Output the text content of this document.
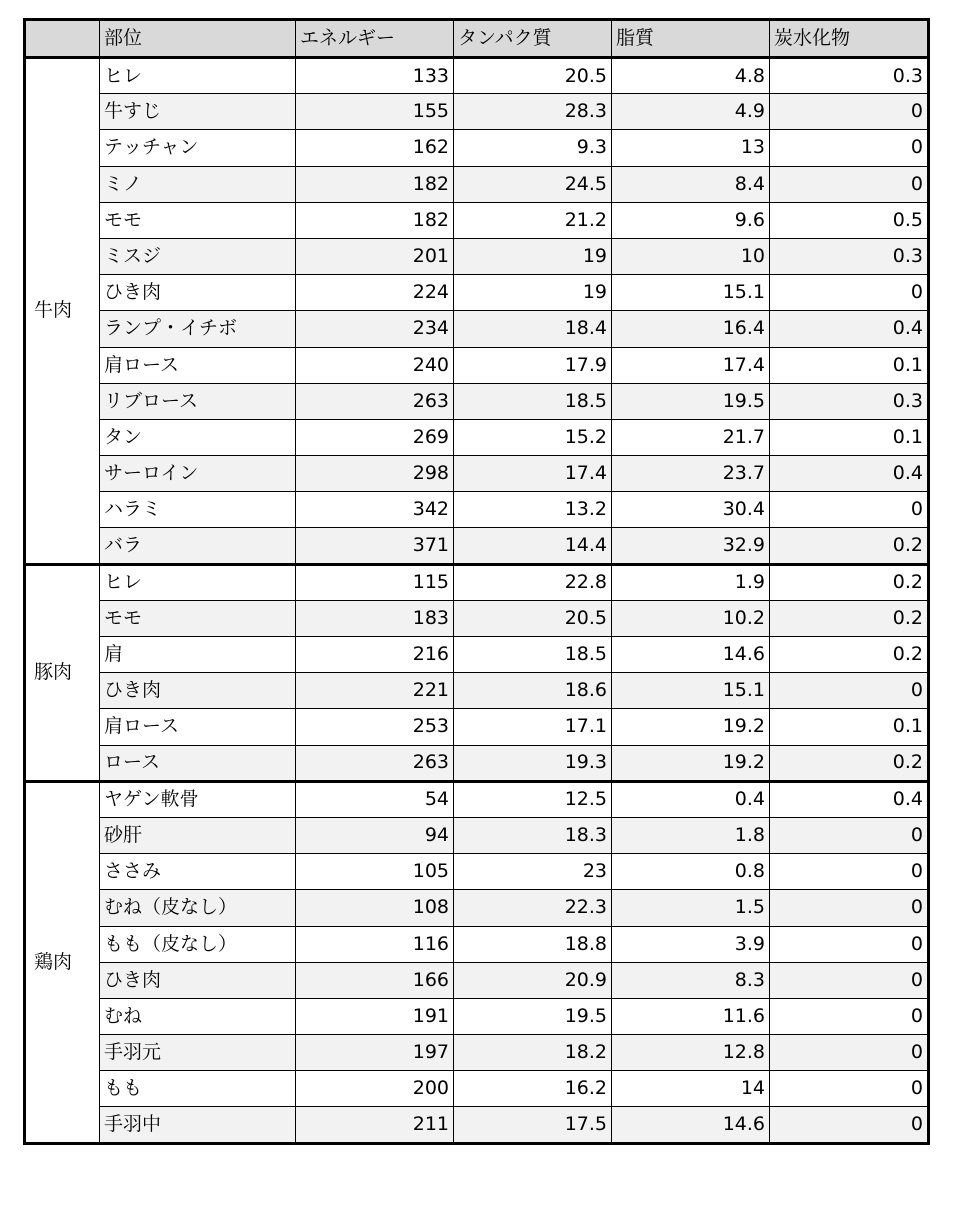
	部位	エネルギー	タンパク質	脂質	炭水化物
牛肉	ヒレ	133	20.5	4.8	0.3
	牛すじ	155	28.3	4.9	0
	テッチャン	162	9.3	13	0
	ミノ	182	24.5	8.4	0
	モモ	182	21.2	9.6	0.5
	ミスジ	201	19	10	0.3
	ひき肉	224	19	15.1	0
	ランプ・イチボ	234	18.4	16.4	0.4
	肩ロース	240	17.9	17.4	0.1
	リブロース	263	18.5	19.5	0.3
	タン	269	15.2	21.7	0.1
	サーロイン	298	17.4	23.7	0.4
	ハラミ	342	13.2	30.4	0
	バラ	371	14.4	32.9	0.2
豚肉	ヒレ	115	22.8	1.9	0.2
	モモ	183	20.5	10.2	0.2
	肩	216	18.5	14.6	0.2
	ひき肉	221	18.6	15.1	0
	肩ロース	253	17.1	19.2	0.1
	ロース	263	19.3	19.2	0.2
鶏肉	ヤゲン軟骨	54	12.5	0.4	0.4
	砂肝	94	18.3	1.8	0
	ささみ	105	23	0.8	0
	むね（皮なし）	108	22.3	1.5	0
	もも（皮なし）	116	18.8	3.9	0
	ひき肉	166	20.9	8.3	0
	むね	191	19.5	11.6	0
	手羽元	197	18.2	12.8	0
	もも	200	16.2	14	0
	手羽中	211	17.5	14.6	0
